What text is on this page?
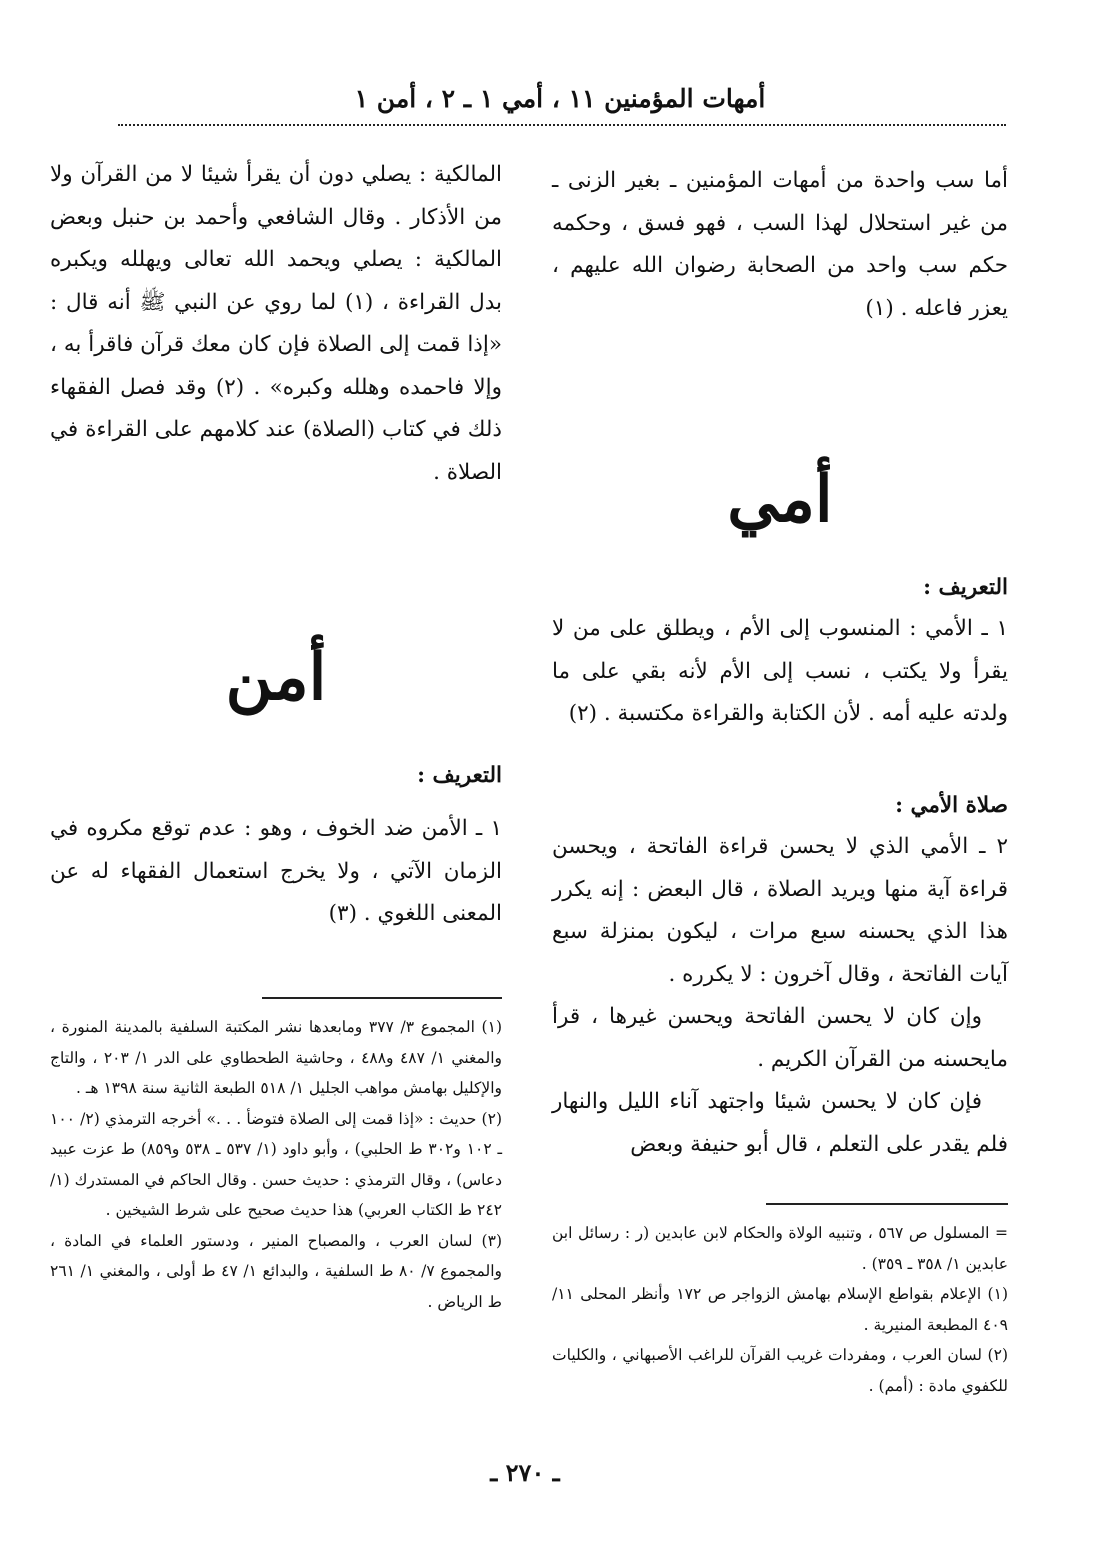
أمهات المؤمنين ١١ ، أمي ١ ـ ٢ ، أمن ١

أما سب واحدة من أمهات المؤمنين ـ بغير الزنى ـ من غير استحلال لهذا السب ، فهو فسق ، وحكمه حكم سب واحد من الصحابة رضوان الله عليهم ، يعزر فاعله . (١)

أمي

التعريف :

١ ـ الأمي : المنسوب إلى الأم ، ويطلق على من لا يقرأ ولا يكتب ، نسب إلى الأم لأنه بقي على ما ولدته عليه أمه . لأن الكتابة والقراءة مكتسبة . (٢)

صلاة الأمي :

٢ ـ الأمي الذي لا يحسن قراءة الفاتحة ، ويحسن قراءة آية منها ويريد الصلاة ، قال البعض : إنه يكرر هذا الذي يحسنه سبع مرات ، ليكون بمنزلة سبع آيات الفاتحة ، وقال آخرون : لا يكرره .

وإن كان لا يحسن الفاتحة ويحسن غيرها ، قرأ مايحسنه من القرآن الكريم .

فإن كان لا يحسن شيئا واجتهد آناء الليل والنهار فلم يقدر على التعلم ، قال أبو حنيفة وبعض

= المسلول ص ٥٦٧ ، وتنبيه الولاة والحكام لابن عابدين (ر : رسائل ابن عابدين ١/ ٣٥٨ ـ ٣٥٩) .

(١) الإعلام بقواطع الإسلام بهامش الزواجر ص ١٧٢ وأنظر المحلى ١١/ ٤٠٩ المطبعة المنيرية .

(٢) لسان العرب ، ومفردات غريب القرآن للراغب الأصبهاني ، والكليات للكفوي مادة : (أمم) .

المالكية : يصلي دون أن يقرأ شيئا لا من القرآن ولا من الأذكار . وقال الشافعي وأحمد بن حنبل وبعض المالكية : يصلي ويحمد الله تعالى ويهلله ويكبره بدل القراءة ، (١) لما روي عن النبي ﷺ أنه قال : «إذا قمت إلى الصلاة فإن كان معك قرآن فاقرأ به ، وإلا فاحمده وهلله وكبره» . (٢) وقد فصل الفقهاء ذلك في كتاب (الصلاة) عند كلامهم على القراءة في الصلاة .

أمن

التعريف :

١ ـ الأمن ضد الخوف ، وهو : عدم توقع مكروه في الزمان الآتي ، ولا يخرج استعمال الفقهاء له عن المعنى اللغوي . (٣)

(١) المجموع ٣/ ٣٧٧ ومابعدها نشر المكتبة السلفية بالمدينة المنورة ، والمغني ١/ ٤٨٧ و٤٨٨ ، وحاشية الطحطاوي على الدر ١/ ٢٠٣ ، والتاج والإكليل بهامش مواهب الجليل ١/ ٥١٨ الطبعة الثانية سنة ١٣٩٨ هـ .

(٢) حديث : «إذا قمت إلى الصلاة فتوضأ . . .» أخرجه الترمذي (٢/ ١٠٠ ـ ١٠٢ و٣٠٢ ط الحلبي) ، وأبو داود (١/ ٥٣٧ ـ ٥٣٨ و٨٥٩) ط عزت عبيد دعاس) ، وقال الترمذي : حديث حسن . وقال الحاكم في المستدرك (١/ ٢٤٢ ط الكتاب العربي) هذا حديث صحيح على شرط الشيخين .

(٣) لسان العرب ، والمصباح المنير ، ودستور العلماء في المادة ، والمجموع ٧/ ٨٠ ط السلفية ، والبدائع ١/ ٤٧ ط أولى ، والمغني ١/ ٢٦١ ط الرياض .

ـ ٢٧٠ ـ
